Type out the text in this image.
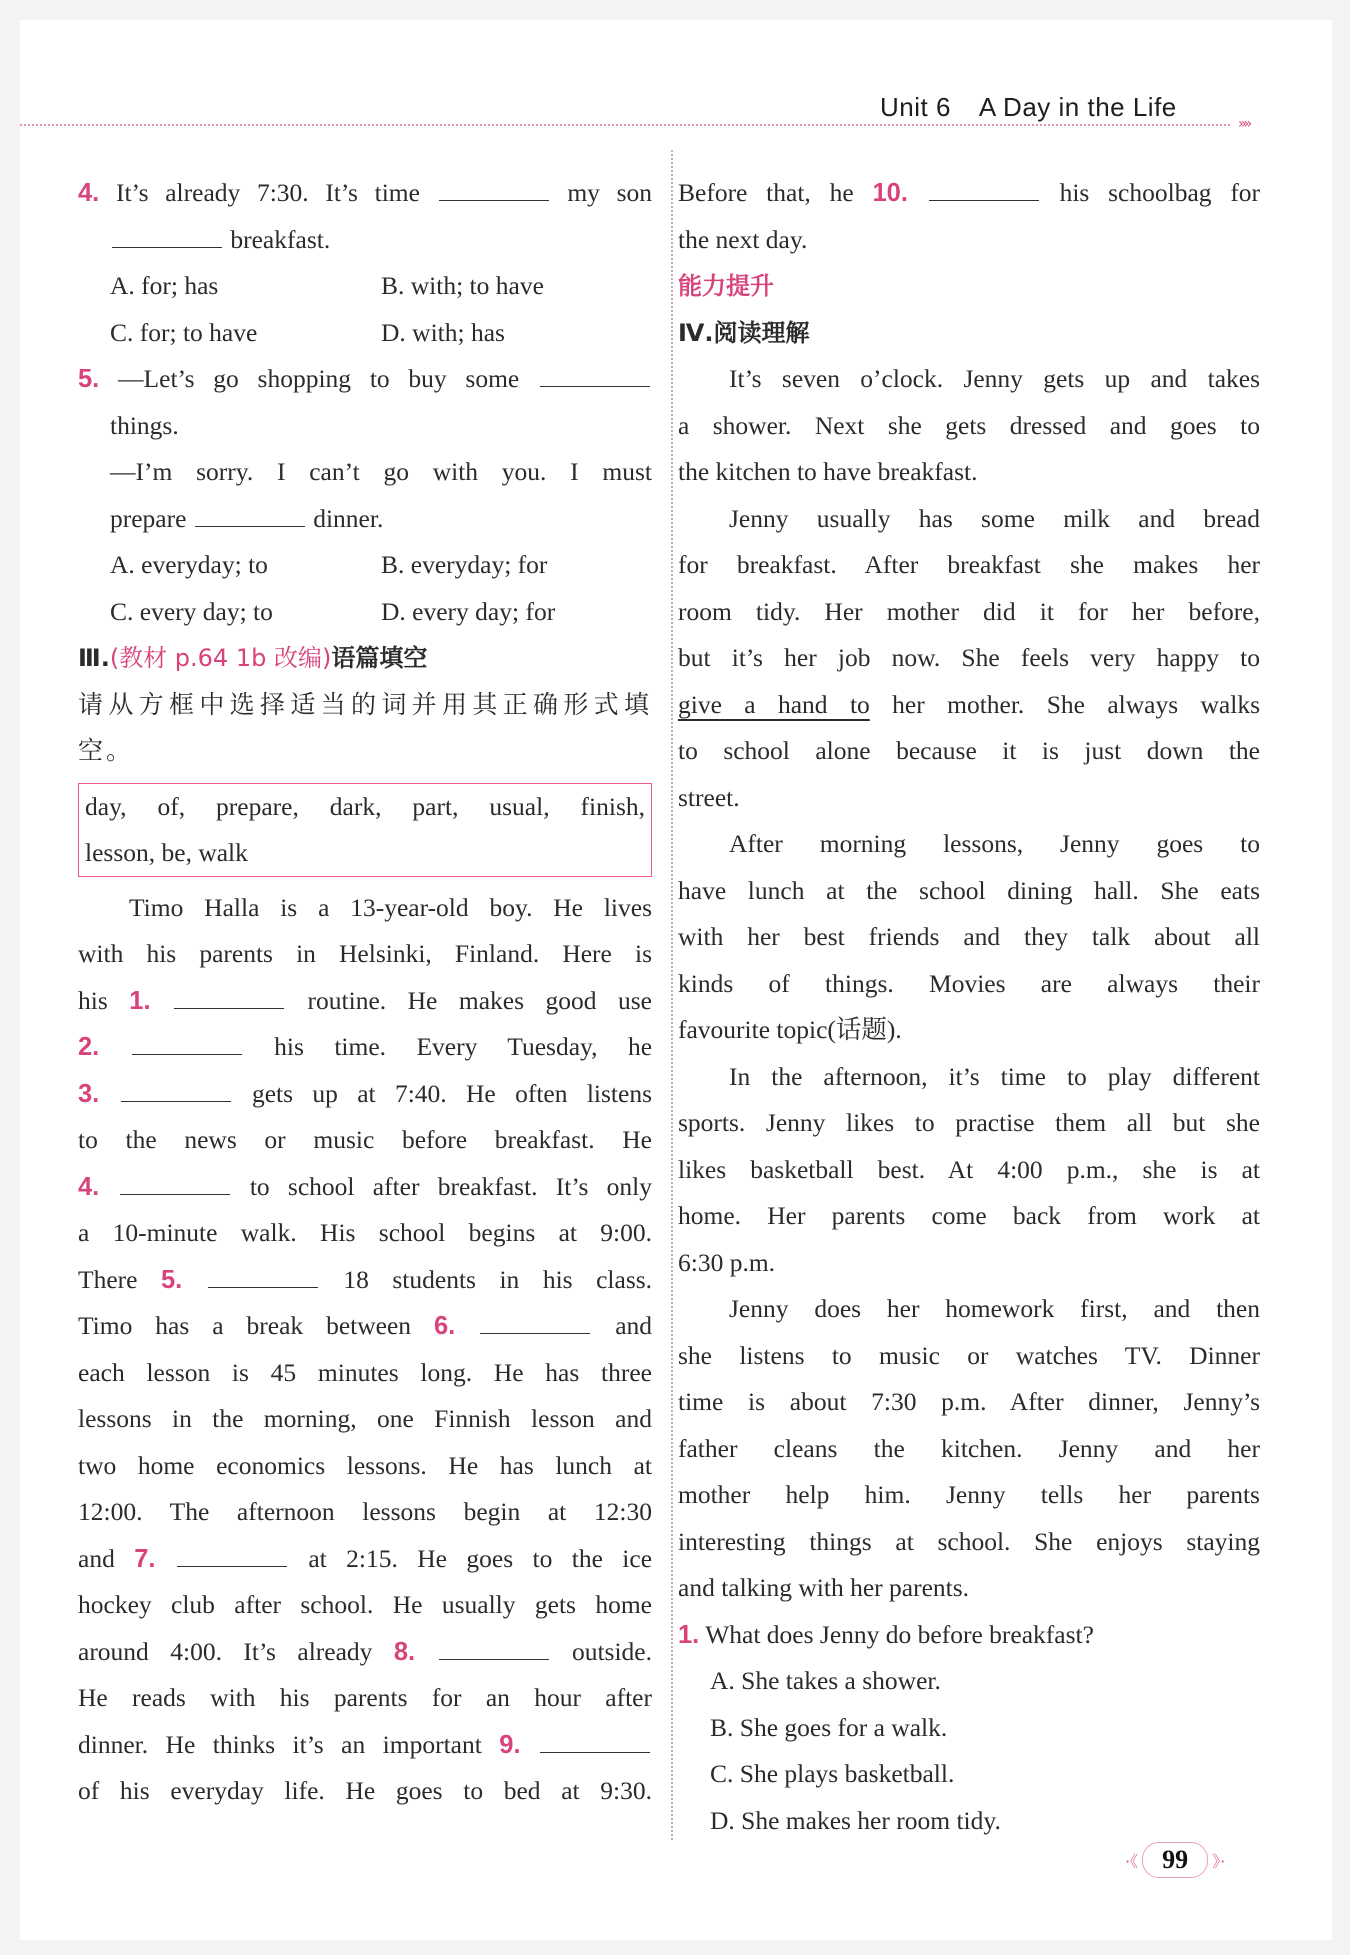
Unit 6 A Day in the Life
»»
4. It’s already 7:30. It’s time	my son
breakfast.
A. for; has	B. with; to have
C. for; to have	D. with; has
5. —Let’s go shopping to buy some
things.
—I’m sorry. I can’t go with you. I must
prepare	dinner.
A. everyday; to	B. everyday; for
C. every day; to	D. every day; for
Ⅲ.(教材 p.64 1b 改编)语篇填空
请从方框中选择适当的词并用其正确形式填空。
day, of, prepare, dark, part, usual, finish,
lesson, be, walk
Timo Halla is a 13-year-old boy. He lives
with his parents in Helsinki, Finland. Here is
his 1.	routine. He makes good use
2.	his time. Every Tuesday, he
3.	gets up at 7:40. He often listens
to the news or music before breakfast. He
4.	to school after breakfast. It’s only
a 10-minute walk. His school begins at 9:00.
There 5.	18 students in his class.
Timo has a break between 6.	and
each lesson is 45 minutes long. He has three
lessons in the morning, one Finnish lesson and
two home economics lessons. He has lunch at
12:00. The afternoon lessons begin at 12:30
and 7.	at 2:15. He goes to the ice
hockey club after school. He usually gets home
around 4:00. It’s already 8.	outside.
He reads with his parents for an hour after
dinner. He thinks it’s an important 9.
of his everyday life. He goes to bed at 9:30.
Before that, he 10.	his schoolbag for
the next day.
能力提升
Ⅳ.阅读理解
It’s seven o’clock. Jenny gets up and takes
a shower. Next she gets dressed and goes to
the kitchen to have breakfast.
Jenny usually has some milk and bread
for breakfast. After breakfast she makes her
room tidy. Her mother did it for her before,
but it’s her job now. She feels very happy to
give a hand to her mother. She always walks
to school alone because it is just down the
street.
After morning lessons, Jenny goes to
have lunch at the school dining hall. She eats
with her best friends and they talk about all
kinds of things. Movies are always their
favourite topic(话题).
In the afternoon, it’s time to play different
sports. Jenny likes to practise them all but she
likes basketball best. At 4:00 p.m., she is at
home. Her parents come back from work at
6:30 p.m.
Jenny does her homework first, and then
she listens to music or watches TV. Dinner
time is about 7:30 p.m. After dinner, Jenny’s
father cleans the kitchen. Jenny and her
mother help him. Jenny tells her parents
interesting things at school. She enjoys staying
and talking with her parents.
1. What does Jenny do before breakfast?
A. She takes a shower.
B. She goes for a walk.
C. She plays basketball.
D. She makes her room tidy.
·《 99	》·
